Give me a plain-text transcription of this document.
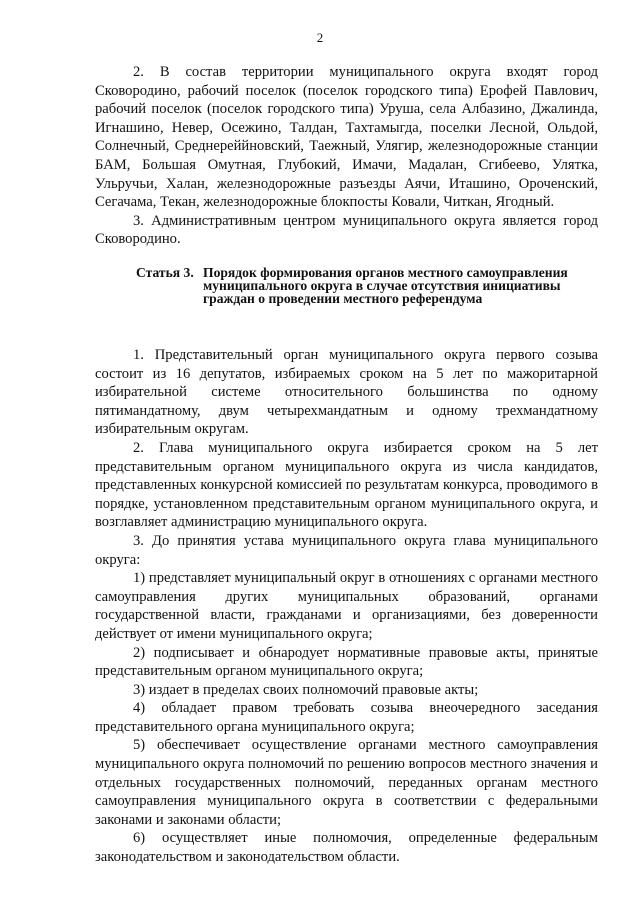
2

2. В состав территории муниципального округа входят город Сковородино, рабочий поселок (поселок городского типа) Ерофей Павлович, рабочий поселок (поселок городского типа) Уруша, села Албазино, Джалинда, Игнашино, Невер, Осежино, Талдан, Тахтамыгда, поселки Лесной, Ольдой, Солнечный, Среднереййновский, Таежный, Улягир, железнодорожные станции БАМ, Большая Омутная, Глубокий, Имачи, Мадалан, Сгибеево, Улятка, Ульручьи, Халан, железнодорожные разъезды Аячи, Иташино, Ороченский, Сегачама, Текан, железнодорожные блокпосты Ковали, Читкан, Ягодный.

3. Административным центром муниципального округа является город Сковородино.

Статья 3. Порядок формирования органов местного самоуправления муниципального округа в случае отсутствия инициативы граждан о проведении местного референдума

1. Представительный орган муниципального округа первого созыва состоит из 16 депутатов, избираемых сроком на 5 лет по мажоритарной избирательной системе относительного большинства по одному пятимандатному, двум четырехмандатным и одному трехмандатному избирательным округам.

2. Глава муниципального округа избирается сроком на 5 лет представительным органом муниципального округа из числа кандидатов, представленных конкурсной комиссией по результатам конкурса, проводимого в порядке, установленном представительным органом муниципального округа, и возглавляет администрацию муниципального округа.

3. До принятия устава муниципального округа глава муниципального округа:

1) представляет муниципальный округ в отношениях с органами местного самоуправления других муниципальных образований, органами государственной власти, гражданами и организациями, без доверенности действует от имени муниципального округа;

2) подписывает и обнародует нормативные правовые акты, принятые представительным органом муниципального округа;

3) издает в пределах своих полномочий правовые акты;

4) обладает правом требовать созыва внеочередного заседания представительного органа муниципального округа;

5) обеспечивает осуществление органами местного самоуправления муниципального округа полномочий по решению вопросов местного значения и отдельных государственных полномочий, переданных органам местного самоуправления муниципального округа в соответствии с федеральными законами и законами области;

6) осуществляет иные полномочия, определенные федеральным законодательством и законодательством области.
